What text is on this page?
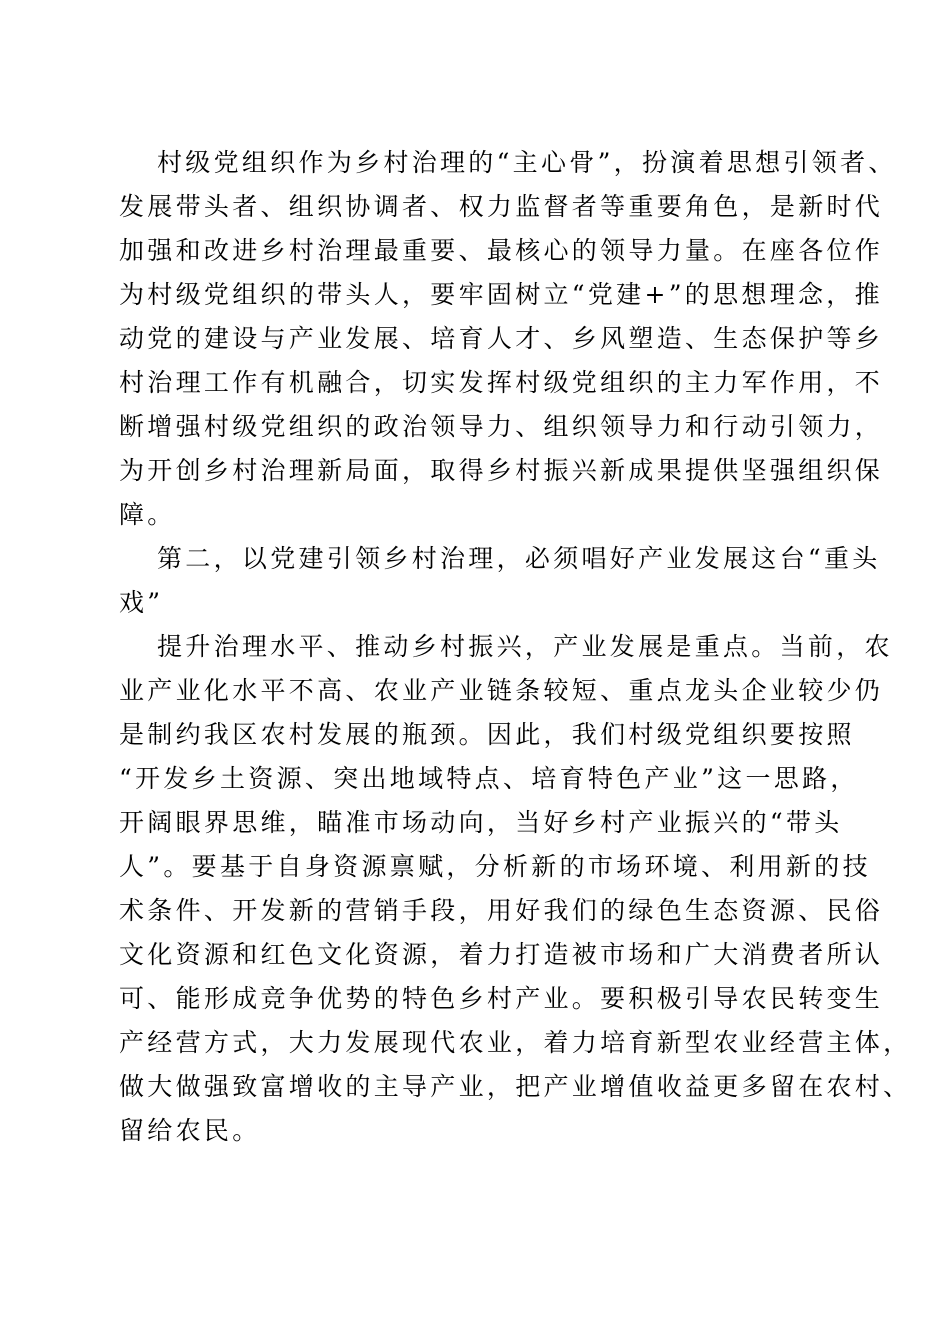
村级党组织作为乡村治理的“主心骨”，扮演着思想引领者、
发展带头者、组织协调者、权力监督者等重要角色，是新时代
加强和改进乡村治理最重要、最核心的领导力量。在座各位作
为村级党组织的带头人，要牢固树立“党建+”的思想理念，推
动党的建设与产业发展、培育人才、乡风塑造、生态保护等乡
村治理工作有机融合，切实发挥村级党组织的主力军作用，不
断增强村级党组织的政治领导力、组织领导力和行动引领力，
为开创乡村治理新局面，取得乡村振兴新成果提供坚强组织保
障。
第二，以党建引领乡村治理，必须唱好产业发展这台“重头
戏”
提升治理水平、推动乡村振兴，产业发展是重点。当前，农
业产业化水平不高、农业产业链条较短、重点龙头企业较少仍
是制约我区农村发展的瓶颈。因此，我们村级党组织要按照
“开发乡土资源、突出地域特点、培育特色产业”这一思路，
开阔眼界思维，瞄准市场动向，当好乡村产业振兴的“带头
人”。要基于自身资源禀赋，分析新的市场环境、利用新的技
术条件、开发新的营销手段，用好我们的绿色生态资源、民俗
文化资源和红色文化资源，着力打造被市场和广大消费者所认
可、能形成竞争优势的特色乡村产业。要积极引导农民转变生
产经营方式，大力发展现代农业，着力培育新型农业经营主体，
做大做强致富增收的主导产业，把产业增值收益更多留在农村、
留给农民。
